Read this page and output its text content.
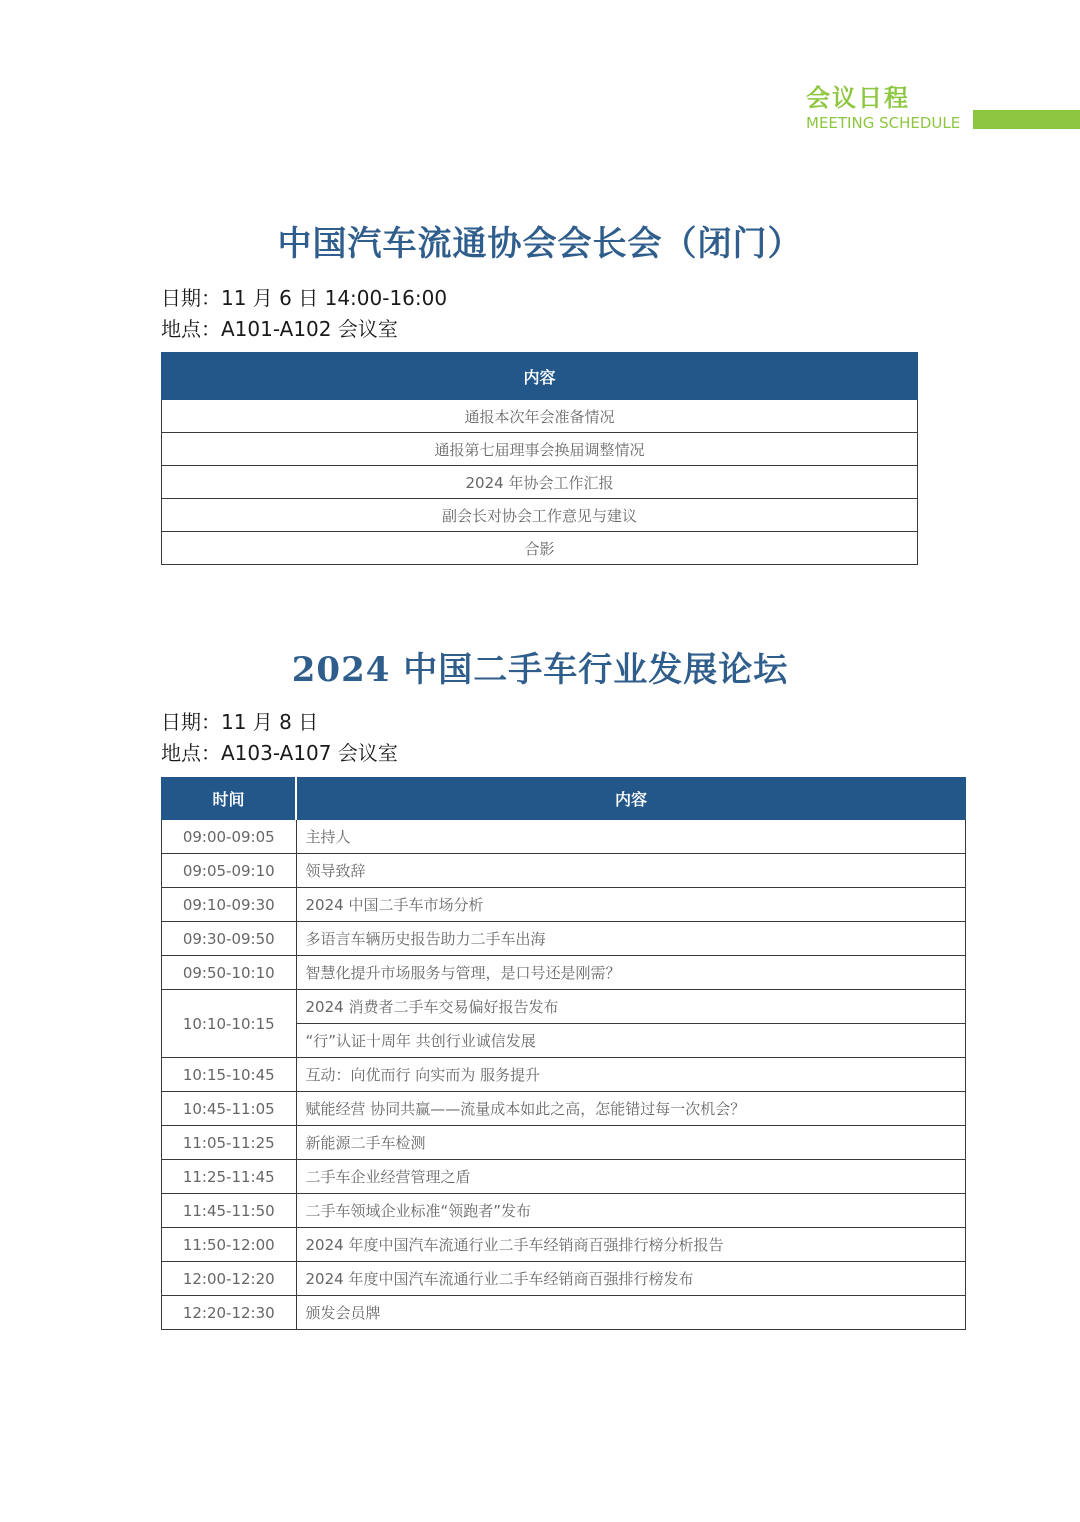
会议日程
MEETING SCHEDULE
中国汽车流通协会会长会（闭门）
日期：11 月 6 日 14:00-16:00
地点：A101-A102 会议室
内容
通报本次年会准备情况
通报第七届理事会换届调整情况
2024 年协会工作汇报
副会长对协会工作意见与建议
合影
2024 中国二手车行业发展论坛
日期：11 月 8 日
地点：A103-A107 会议室
时间	内容
09:00-09:05	主持人
09:05-09:10	领导致辞
09:10-09:30	2024 中国二手车市场分析
09:30-09:50	多语言车辆历史报告助力二手车出海
09:50-10:10	智慧化提升市场服务与管理，是口号还是刚需？
10:10-10:15	2024 消费者二手车交易偏好报告发布
	“行”认证十周年 共创行业诚信发展
10:15-10:45	互动：向优而行 向实而为 服务提升
10:45-11:05	赋能经营 协同共赢——流量成本如此之高，怎能错过每一次机会？
11:05-11:25	新能源二手车检测
11:25-11:45	二手车企业经营管理之盾
11:45-11:50	二手车领域企业标准“领跑者”发布
11:50-12:00	2024 年度中国汽车流通行业二手车经销商百强排行榜分析报告
12:00-12:20	2024 年度中国汽车流通行业二手车经销商百强排行榜发布
12:20-12:30	颁发会员牌
